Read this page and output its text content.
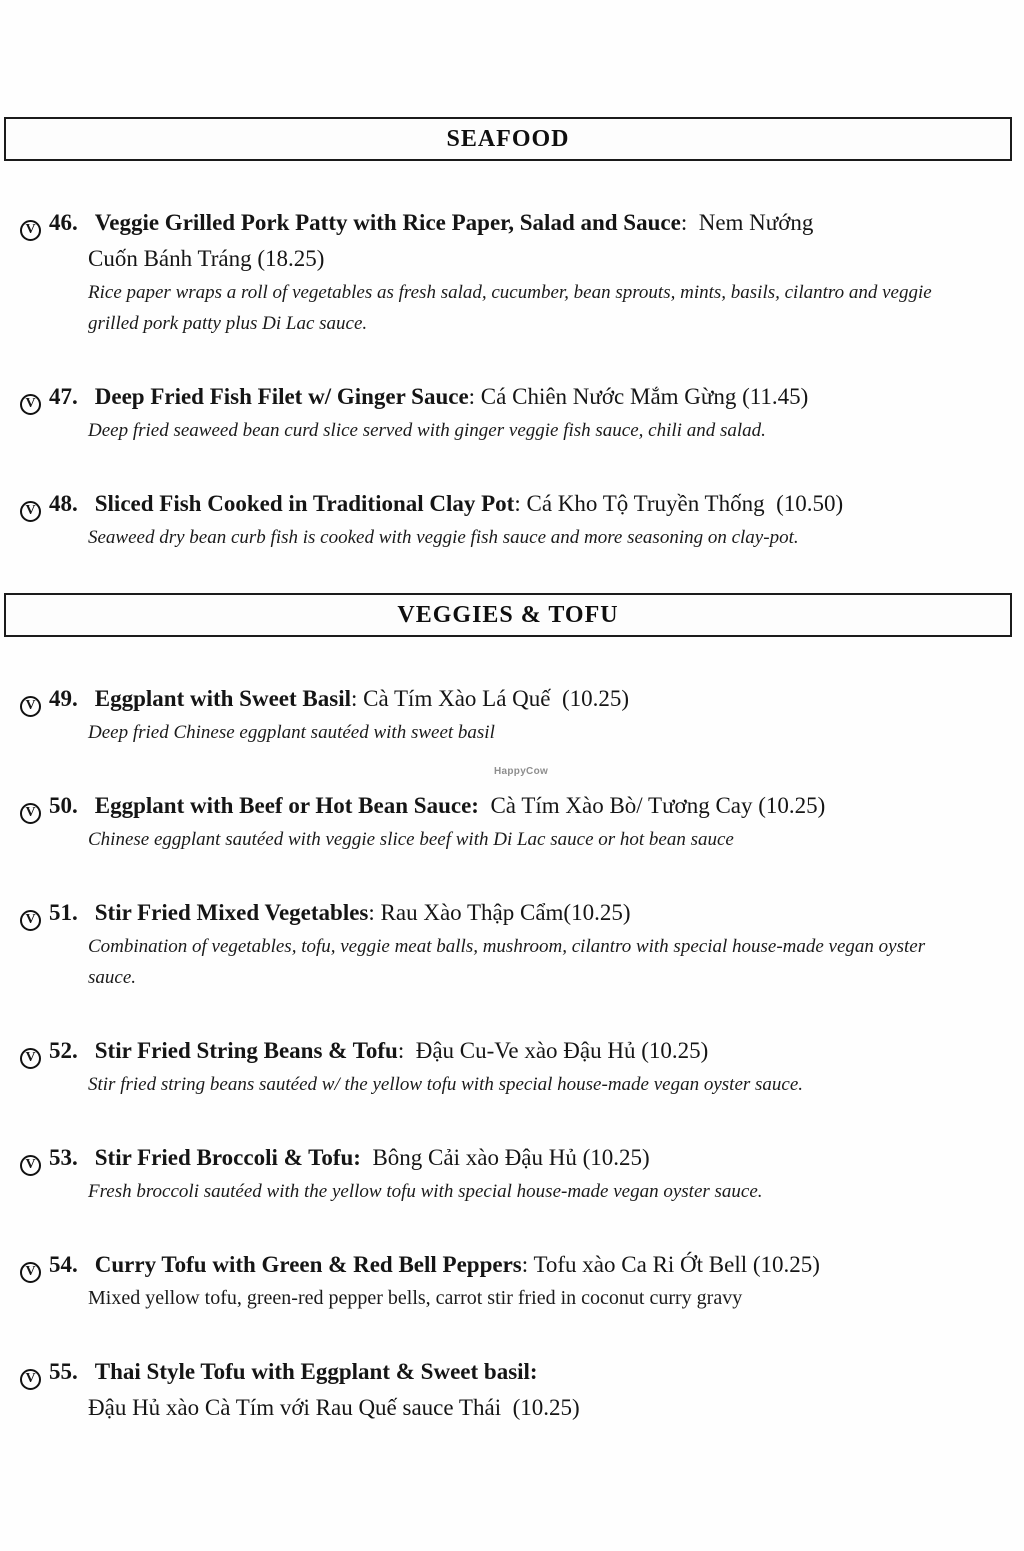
SEAFOOD
V 46. Veggie Grilled Pork Patty with Rice Paper, Salad and Sauce:  Nem Nướng
Cuốn Bánh Tráng (18.25)
Rice paper wraps a roll of vegetables as fresh salad, cucumber, bean sprouts, mints, basils, cilantro and veggie grilled pork patty plus Di Lac sauce.
V 47. Deep Fried Fish Filet w/ Ginger Sauce: Cá Chiên Nước Mắm Gừng (11.45)
Deep fried seaweed bean curd slice served with ginger veggie fish sauce, chili and salad.
V 48. Sliced Fish Cooked in Traditional Clay Pot: Cá Kho Tộ Truyền Thống  (10.50)
Seaweed dry bean curb fish is cooked with veggie fish sauce and more seasoning on clay-pot.
VEGGIES & TOFU
V 49. Eggplant with Sweet Basil: Cà Tím Xào Lá Quế  (10.25)
Deep fried Chinese eggplant sautéed with sweet basil
V 50. Eggplant with Beef or Hot Bean Sauce:  Cà Tím Xào Bò/ Tương Cay (10.25)
Chinese eggplant sautéed with veggie slice beef with Di Lac sauce or hot bean sauce
V 51. Stir Fried Mixed Vegetables: Rau Xào Thập Cẩm(10.25)
Combination of vegetables, tofu, veggie meat balls, mushroom, cilantro with special house-made vegan oyster sauce.
V 52. Stir Fried String Beans & Tofu:  Đậu Cu-Ve xào Đậu Hủ (10.25)
Stir fried string beans sautéed w/ the yellow tofu with special house-made vegan oyster sauce.
V 53. Stir Fried Broccoli & Tofu:  Bông Cải xào Đậu Hủ (10.25)
Fresh broccoli sautéed with the yellow tofu with special house-made vegan oyster sauce.
V 54. Curry Tofu with Green & Red Bell Peppers: Tofu xào Ca Ri Ớt Bell (10.25)
Mixed yellow tofu, green-red pepper bells, carrot stir fried in coconut curry gravy
V 55. Thai Style Tofu with Eggplant & Sweet basil:
Đậu Hủ xào Cà Tím với Rau Quế sauce Thái  (10.25)
HappyCow
